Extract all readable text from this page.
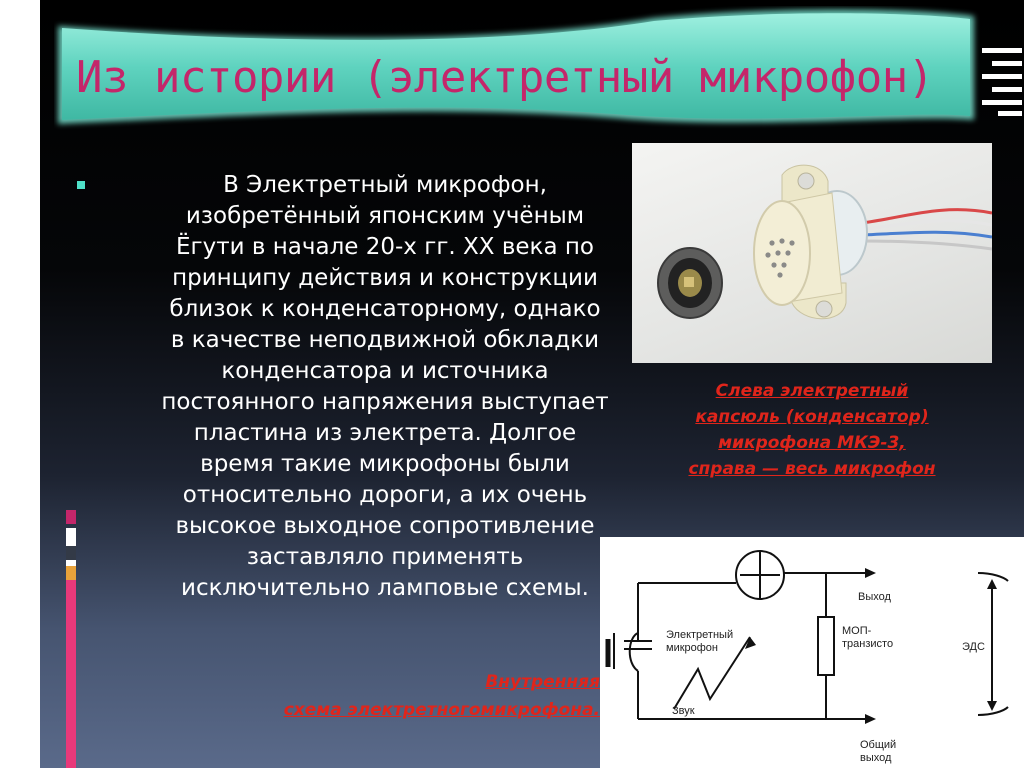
Из истории (электретный микрофон)
В Электретный микрофон,
изобретённый японским учёным
Ёгути в начале 20-х гг. XX века по
принципу действия и конструкции
близок к конденсаторному, однако
в качестве неподвижной обкладки
конденсатора и источника
постоянного напряжения выступает
пластина из электрета. Долгое
время такие микрофоны были
относительно дороги, а их очень
высокое выходное сопротивление
заставляло применять
исключительно ламповые схемы.
Слева электретный
капсюль (конденсатор)
микрофона МКЭ-3,
справа — весь микрофон
Внутренняя
схема электретногомикрофона.
Выход
МОП-
транзисто
Электретный
микрофон	ЭДС
Звук
Общий
выход
